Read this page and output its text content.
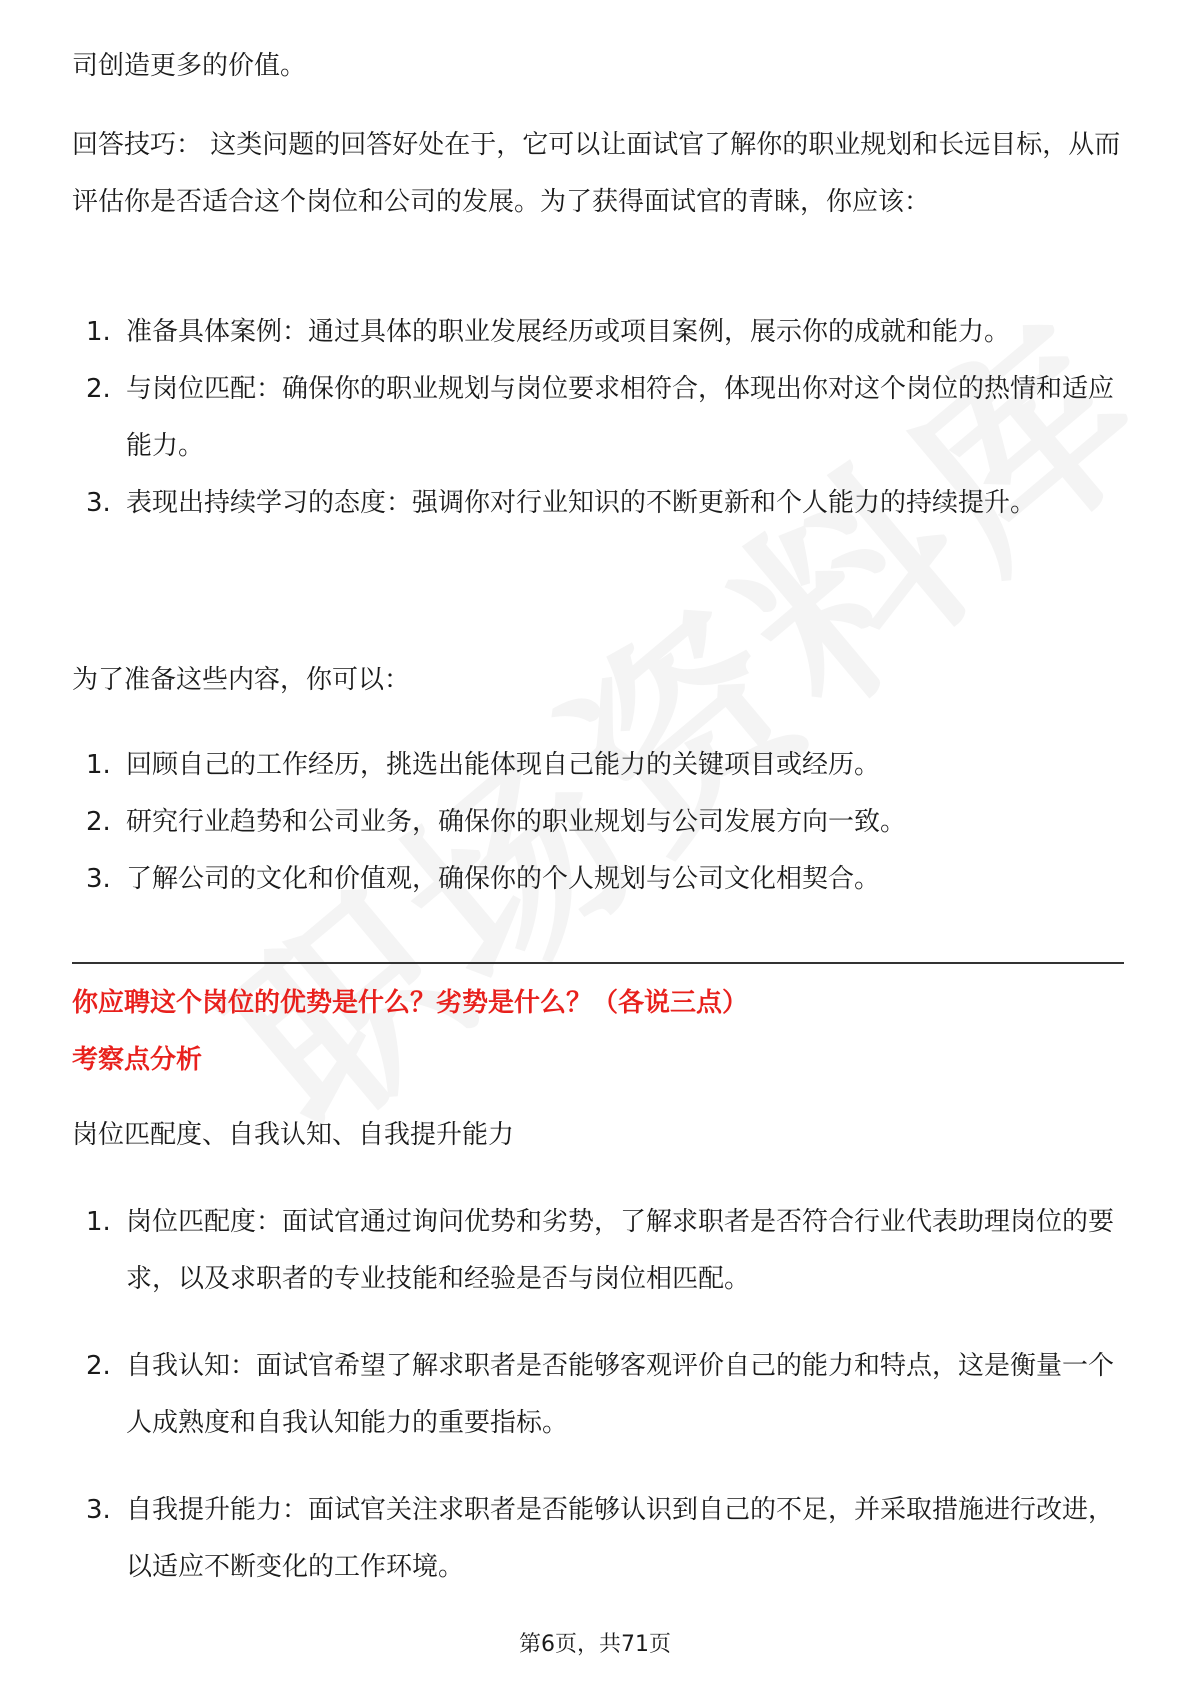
司创造更多的价值。

回答技巧： 这类问题的回答好处在于，它可以让面试官了解你的职业规划和长远目标，从而评估你是否适合这个岗位和公司的发展。为了获得面试官的青睐，你应该：

1. 准备具体案例：通过具体的职业发展经历或项目案例，展示你的成就和能力。
2. 与岗位匹配：确保你的职业规划与岗位要求相符合，体现出你对这个岗位的热情和适应能力。
3. 表现出持续学习的态度：强调你对行业知识的不断更新和个人能力的持续提升。

为了准备这些内容，你可以：

1. 回顾自己的工作经历，挑选出能体现自己能力的关键项目或经历。
2. 研究行业趋势和公司业务，确保你的职业规划与公司发展方向一致。
3. 了解公司的文化和价值观，确保你的个人规划与公司文化相契合。

你应聘这个岗位的优势是什么？劣势是什么？（各说三点）

考察点分析

岗位匹配度、自我认知、自我提升能力

1. 岗位匹配度：面试官通过询问优势和劣势，了解求职者是否符合行业代表助理岗位的要求，以及求职者的专业技能和经验是否与岗位相匹配。
2. 自我认知：面试官希望了解求职者是否能够客观评价自己的能力和特点，这是衡量一个人成熟度和自我认知能力的重要指标。
3. 自我提升能力：面试官关注求职者是否能够认识到自己的不足，并采取措施进行改进，以适应不断变化的工作环境。
第6页，共71页
